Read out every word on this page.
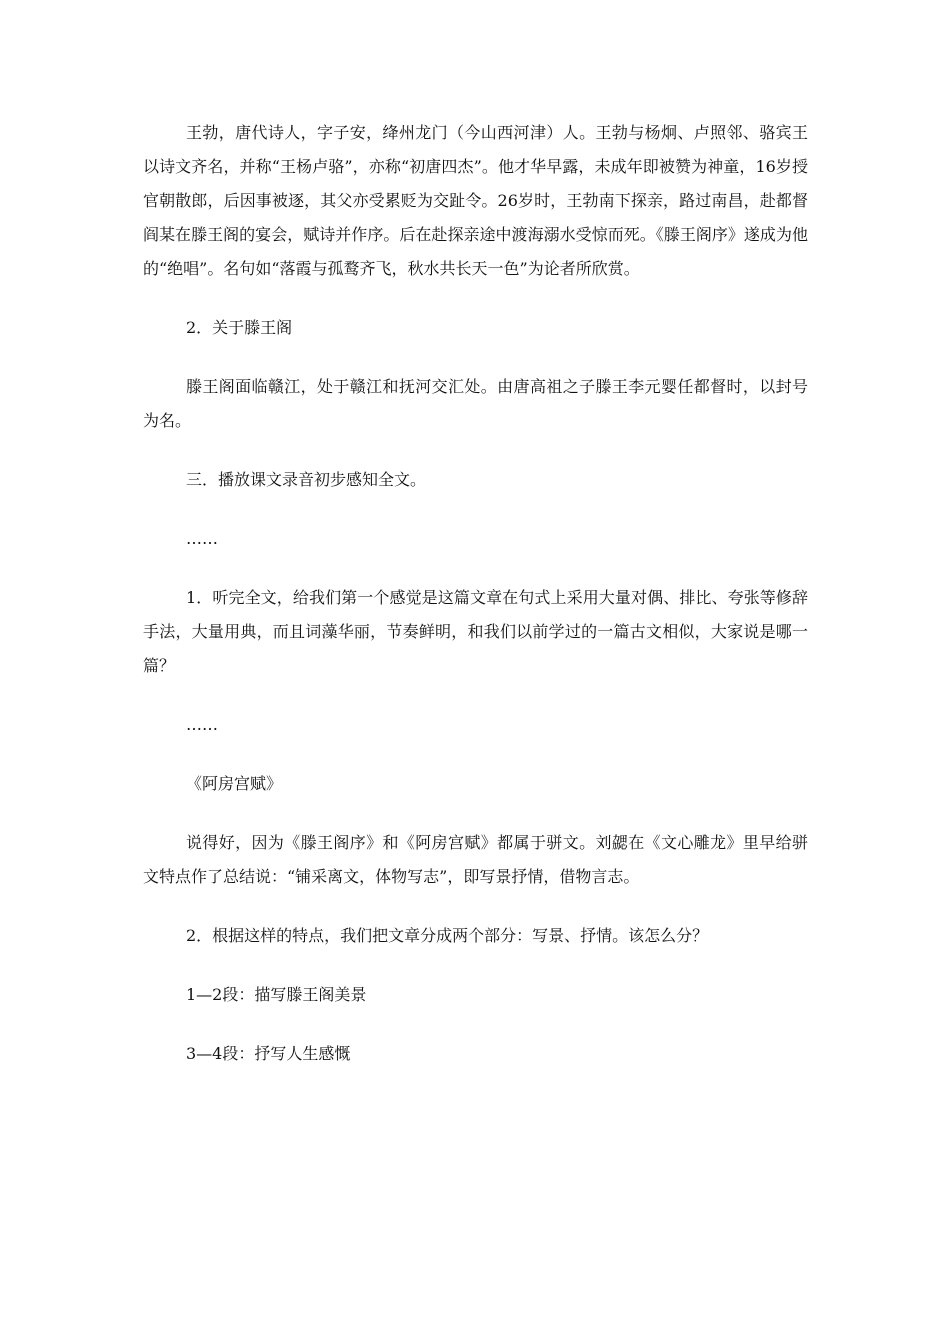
王勃，唐代诗人，字子安，绛州龙门（今山西河津）人。王勃与杨炯、卢照邻、骆宾王以诗文齐名，并称“王杨卢骆”，亦称“初唐四杰”。他才华早露，未成年即被赞为神童，16岁授官朝散郎，后因事被逐，其父亦受累贬为交趾令。26岁时，王勃南下探亲，路过南昌，赴都督阎某在滕王阁的宴会，赋诗并作序。后在赴探亲途中渡海溺水受惊而死。《滕王阁序》遂成为他的“绝唱”。名句如“落霞与孤鹜齐飞，秋水共长天一色”为论者所欣赏。

2．关于滕王阁

滕王阁面临赣江，处于赣江和抚河交汇处。由唐高祖之子滕王李元婴任都督时，以封号为名。

三．播放课文录音初步感知全文。

……

1．听完全文，给我们第一个感觉是这篇文章在句式上采用大量对偶、排比、夸张等修辞手法，大量用典，而且词藻华丽，节奏鲜明，和我们以前学过的一篇古文相似，大家说是哪一篇？

……

《阿房宫赋》

说得好，因为《滕王阁序》和《阿房宫赋》都属于骈文。刘勰在《文心雕龙》里早给骈文特点作了总结说：“铺采离文，体物写志”，即写景抒情，借物言志。

2．根据这样的特点，我们把文章分成两个部分：写景、抒情。该怎么分？

1—2段：描写滕王阁美景

3—4段：抒写人生感慨
